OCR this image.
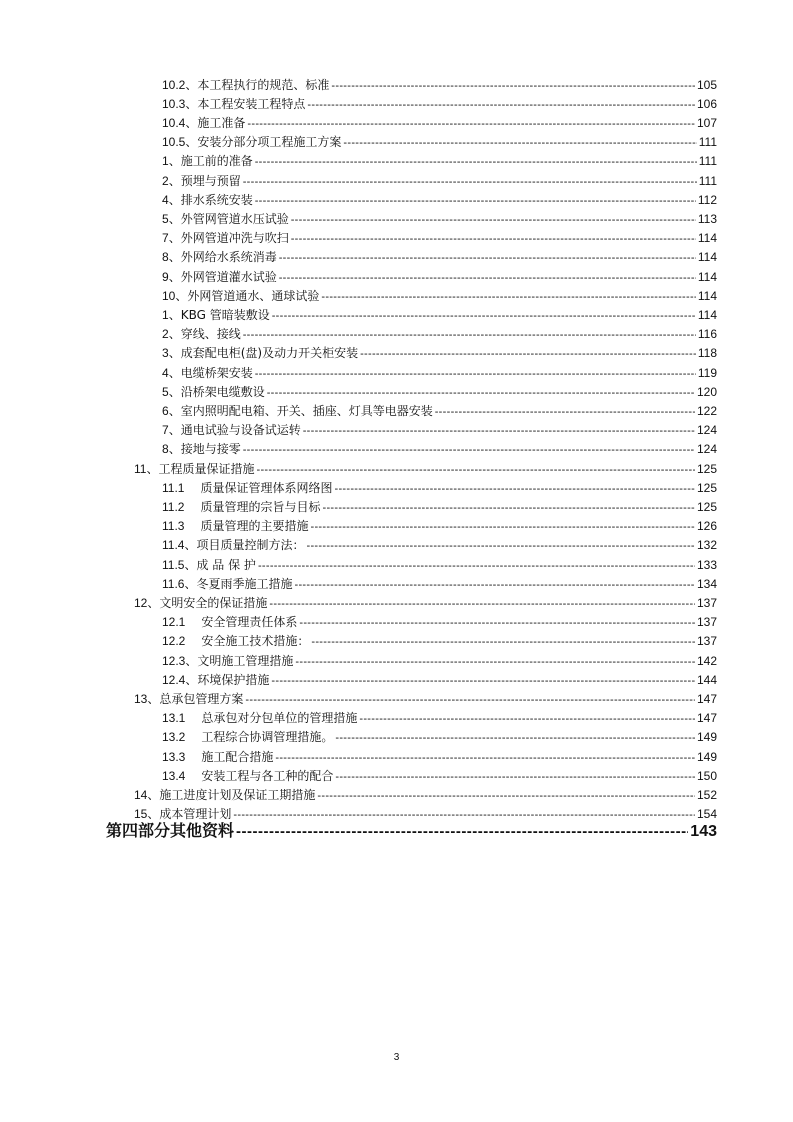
10.2、本工程执行的规范、标准 -----	105
10.3、本工程安装工程特点 -----	106
10.4、施工准备 -----	107
10.5、安装分部分项工程施工方案 -----	111
1、施工前的准备 -----	111
2、预埋与预留 -----	111
4、排水系统安装 -----	112
5、外管网管道水压试验 -----	113
7、外网管道冲洗与吹扫 -----	114
8、外网给水系统消毒 -----	114
9、外网管道灌水试验 -----	114
10、外网管道通水、通球试验 -----	114
1、KBG 管暗装敷设 -----	114
2、穿线、接线 -----	116
3、成套配电柜(盘)及动力开关柜安装 -----	118
4、电缆桥架安装 -----	119
5、沿桥架电缆敷设 -----	120
6、室内照明配电箱、开关、插座、灯具等电器安装 -----	122
7、通电试验与设备试运转 -----	124
8、接地与接零 -----	124
11、工程质量保证措施 -----	125
11.1 质量保证管理体系网络图 -----	125
11.2 质量管理的宗旨与目标 -----	125
11.3 质量管理的主要措施 -----	126
11.4、项目质量控制方法： -----	132
11.5、成 品 保 护 -----	133
11.6、冬夏雨季施工措施 -----	134
12、文明安全的保证措施 -----	137
12.1 安全管理责任体系 -----	137
12.2 安全施工技术措施： -----	137
12.3、文明施工管理措施 -----	142
12.4、环境保护措施 -----	144
13、总承包管理方案 -----	147
13.1 总承包对分包单位的管理措施 -----	147
13.2 工程综合协调管理措施。 -----	149
13.3 施工配合措施 -----	149
13.4 安装工程与各工种的配合 -----	150
14、施工进度计划及保证工期措施 -----	152
15、成本管理计划 -----	154
第四部分其他资料 -----	143
3
